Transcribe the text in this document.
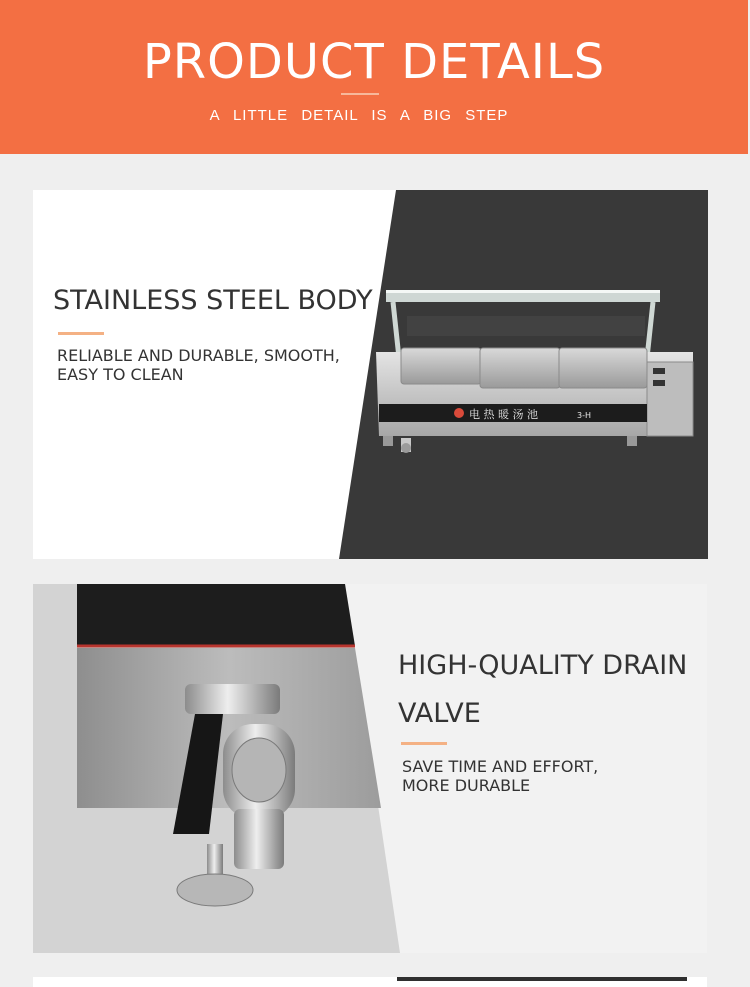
PRODUCT DETAILS
A LITTLE DETAIL IS A BIG STEP
电 热 暖 汤 池	3-H
STAINLESS STEEL BODY
RELIABLE AND DURABLE, SMOOTH, EASY TO CLEAN
HIGH-QUALITY DRAIN VALVE
SAVE TIME AND EFFORT, MORE DURABLE
